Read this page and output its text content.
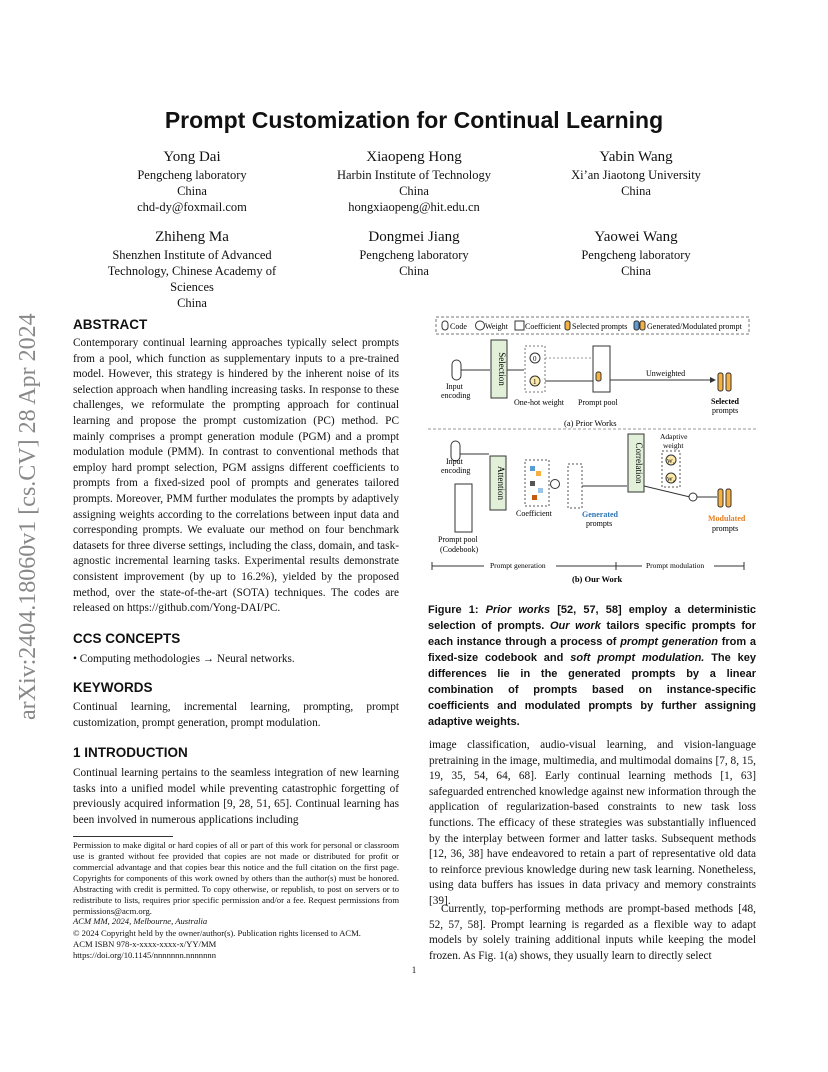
arXiv:2404.18060v1 [cs.CV] 28 Apr 2024
Prompt Customization for Continual Learning
Yong Dai
Pengcheng laboratory
China
chd-dy@foxmail.com
Xiaopeng Hong
Harbin Institute of Technology
China
hongxiaopeng@hit.edu.cn
Yabin Wang
Xi’an Jiaotong University
China
Zhiheng Ma
Shenzhen Institute of Advanced
Technology, Chinese Academy of
Sciences
China
Dongmei Jiang
Pengcheng laboratory
China
Yaowei Wang
Pengcheng laboratory
China
ABSTRACT
Contemporary continual learning approaches typically select prompts from a pool, which function as supplementary inputs to a pre-trained model. However, this strategy is hindered by the inherent noise of its selection approach when handling increasing tasks. In response to these challenges, we reformulate the prompting approach for continual learning and propose the prompt customization (PC) method. PC mainly comprises a prompt generation module (PGM) and a prompt modulation module (PMM). In contrast to conventional methods that employ hard prompt selection, PGM assigns different coefficients to prompts from a fixed-sized pool of prompts and generates tailored prompts. Moreover, PMM further modulates the prompts by adaptively assigning weights according to the correlations between input data and corresponding prompts. We evaluate our method on four benchmark datasets for three diverse settings, including the class, domain, and task-agnostic incremental learning tasks. Experimental results demonstrate consistent improvement (by up to 16.2%), yielded by the proposed method, over the state-of-the-art (SOTA) techniques. The codes are released on https://github.com/Yong-DAI/PC.
CCS CONCEPTS
• Computing methodologies → Neural networks.
KEYWORDS
Continual learning, incremental learning, prompting, prompt customization, prompt generation, prompt modulation.
1 INTRODUCTION
Continual learning pertains to the seamless integration of new learning tasks into a unified model while preventing catastrophic forgetting of previously acquired information [9, 28, 51, 65]. Continual learning has been involved in numerous applications including
Permission to make digital or hard copies of all or part of this work for personal or classroom use is granted without fee provided that copies are not made or distributed for profit or commercial advantage and that copies bear this notice and the full citation on the first page. Copyrights for components of this work owned by others than the author(s) must be honored. Abstracting with credit is permitted. To copy otherwise, or republish, to post on servers or to redistribute to lists, requires prior specific permission and/or a fee. Request permissions from permissions@acm.org.
ACM MM, 2024, Melbourne, Australia
© 2024 Copyright held by the owner/author(s). Publication rights licensed to ACM.
ACM ISBN 978-x-xxxx-xxxx-x/YY/MM
https://doi.org/10.1145/nnnnnnn.nnnnnnn
Code Weight Coefficient Selected prompts Generated/Modulated prompt
Input
encoding
Selection	0
1
One-hot weight Prompt pool
Unweighted
Selected
prompts
(a) Prior Works
Input
encoding	Attention
Prompt pool
(Codebook)
Coefficient	Generated
prompts
Correlation
Adaptive
weight
W₁
W₂
Modulated
prompts
Prompt generation	Prompt modulation
(b) Our Work
Figure 1: Prior works [52, 57, 58] employ a deterministic selection of prompts. Our work tailors specific prompts for each instance through a process of prompt generation from a fixed-size codebook and soft prompt modulation. The key differences lie in the generated prompts by a linear combination of prompts based on instance-specific coefficients and modulated prompts by further assigning adaptive weights.
image classification, audio-visual learning, and vision-language pretraining in the image, multimedia, and multimodal domains [7, 8, 15, 19, 35, 54, 64, 68]. Early continual learning methods [1, 63] safeguarded entrenched knowledge against new information through the application of regularization-based constraints to new task loss functions. The efficacy of these strategies was substantially influenced by the interplay between former and latter tasks. Subsequent methods [12, 36, 38] have endeavored to retain a part of representative old data to reinforce previous knowledge during new task learning. Nonetheless, using data buffers has issues in data privacy and memory constraints [39].
Currently, top-performing methods are prompt-based methods [48, 52, 57, 58]. Prompt learning is regarded as a flexible way to adapt models by solely training additional inputs while keeping the model frozen. As Fig. 1(a) shows, they usually learn to directly select
1
